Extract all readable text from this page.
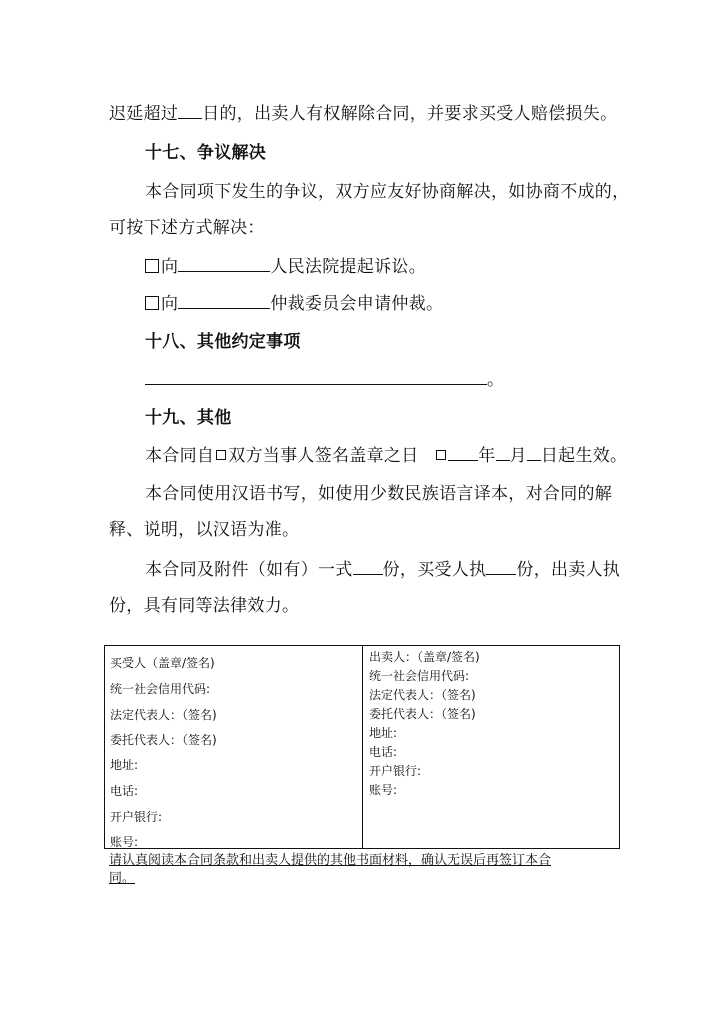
迟延超过 日的，出卖人有权解除合同，并要求买受人赔偿损失。
十七、争议解决
本合同项下发生的争议，双方应友好协商解决，如协商不成的，
可按下述方式解决：
向	人民法院提起诉讼。
向	仲裁委员会申请仲裁。
十八、其他约定事项
。
十九、其他
本合同自 双方当事人签名盖章之日	年 月 日起生效。
本合同使用汉语书写，如使用少数民族语言译本，对合同的解
释、说明，以汉语为准。
本合同及附件（如有）一式 份，买受人执 份，出卖人执
份，具有同等法律效力。
买受人（盖章/签名)
统一社会信用代码:
法定代表人：（签名)
委托代表人：（签名)
地址:
电话:
开户银行:
账号:
出卖人：（盖章/签名)
统一社会信用代码:
法定代表人：（签名)
委托代表人：（签名)
地址:
电话:
开户银行:
账号:
请认真阅读本合同条款和出卖人提供的其他书面材料，确认无误后再签订本合
同。
